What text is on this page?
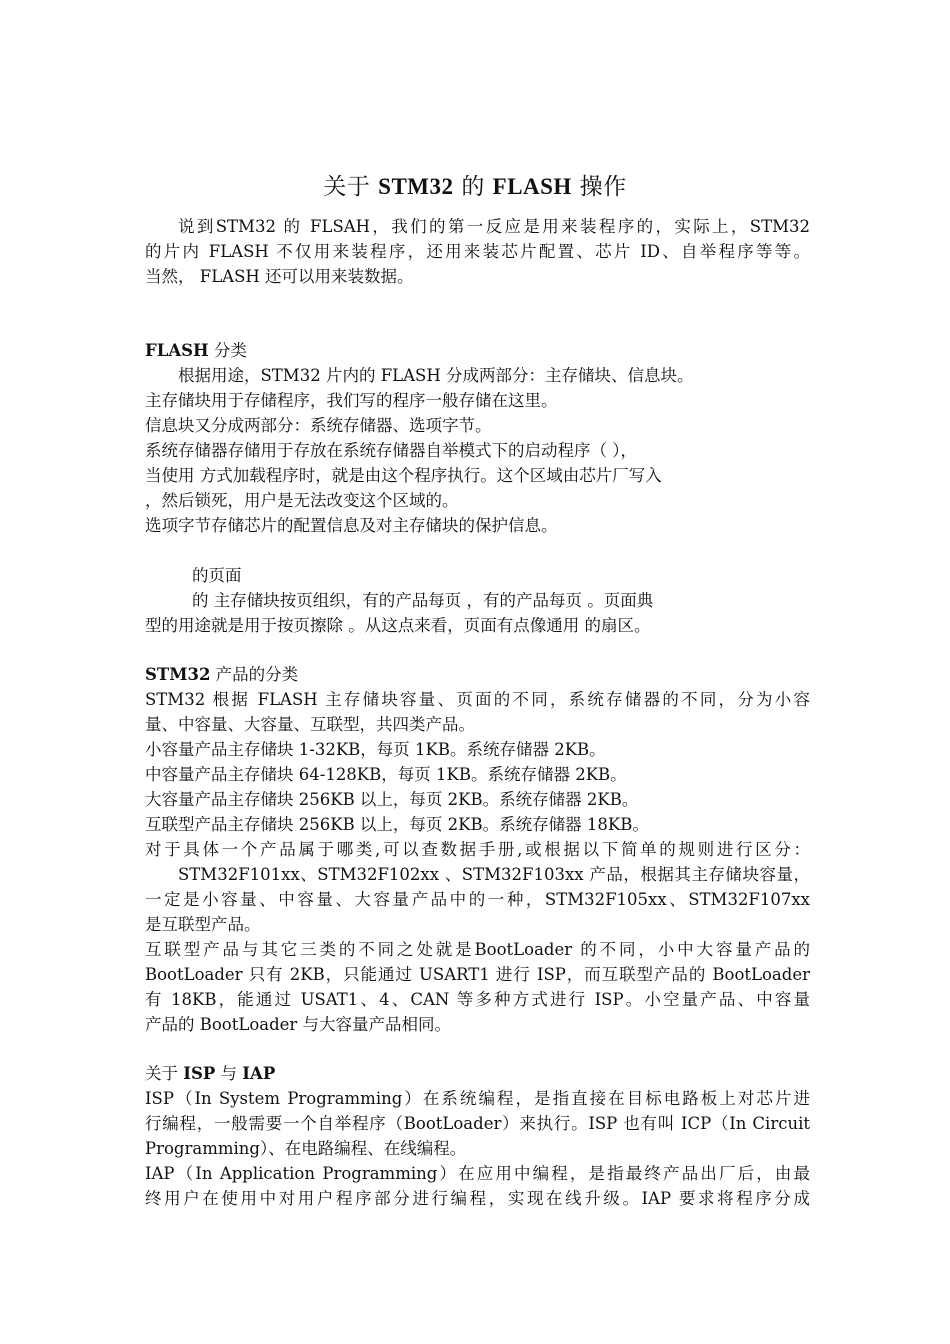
关于 STM32 的 FLASH 操作
说到STM32 的 FLSAH，我们的第一反应是用来装程序的，实际上，STM32
的片内 FLASH 不仅用来装程序，还用来装芯片配置、芯片 ID、自举程序等等。
当然， FLASH 还可以用来装数据。
FLASH 分类
根据用途，STM32 片内的 FLASH 分成两部分：主存储块、信息块。
主存储块用于存储程序，我们写的程序一般存储在这里。
信息块又分成两部分：系统存储器、选项字节。
系统存储器存储用于存放在系统存储器自举模式下的启动程序（ ），
当使用 方式加载程序时，就是由这个程序执行。这个区域由芯片厂写入
，然后锁死，用户是无法改变这个区域的。
选项字节存储芯片的配置信息及对主存储块的保护信息。
的页面
的 主存储块按页组织，有的产品每页 ，有的产品每页 。页面典
型的用途就是用于按页擦除 。从这点来看，页面有点像通用 的扇区。
STM32 产品的分类
STM32 根据 FLASH 主存储块容量、页面的不同，系统存储器的不同，分为小容
量、中容量、大容量、互联型，共四类产品。
小容量产品主存储块 1-32KB，每页 1KB。系统存储器 2KB。
中容量产品主存储块 64-128KB，每页 1KB。系统存储器 2KB。
大容量产品主存储块 256KB 以上，每页 2KB。系统存储器 2KB。
互联型产品主存储块 256KB 以上，每页 2KB。系统存储器 18KB。
对于具体一个产品属于哪类,可以查数据手册,或根据以下简单的规则进行区分：
STM32F101xx、STM32F102xx 、STM32F103xx 产品，根据其主存储块容量，
一定是小容量、中容量、大容量产品中的一种，STM32F105xx、STM32F107xx
是互联型产品。
互联型产品与其它三类的不同之处就是BootLoader 的不同，小中大容量产品的
BootLoader 只有 2KB，只能通过 USART1 进行 ISP，而互联型产品的 BootLoader
有 18KB，能通过 USAT1、4、CAN 等多种方式进行 ISP。小空量产品、中容量
产品的 BootLoader 与大容量产品相同。
关于 ISP 与 IAP
ISP（In System Programming）在系统编程，是指直接在目标电路板上对芯片进
行编程，一般需要一个自举程序（BootLoader）来执行。ISP 也有叫 ICP（In Circuit
Programming）、在电路编程、在线编程。
IAP（In Application Programming）在应用中编程，是指最终产品出厂后，由最
终用户在使用中对用户程序部分进行编程，实现在线升级。IAP 要求将程序分成
